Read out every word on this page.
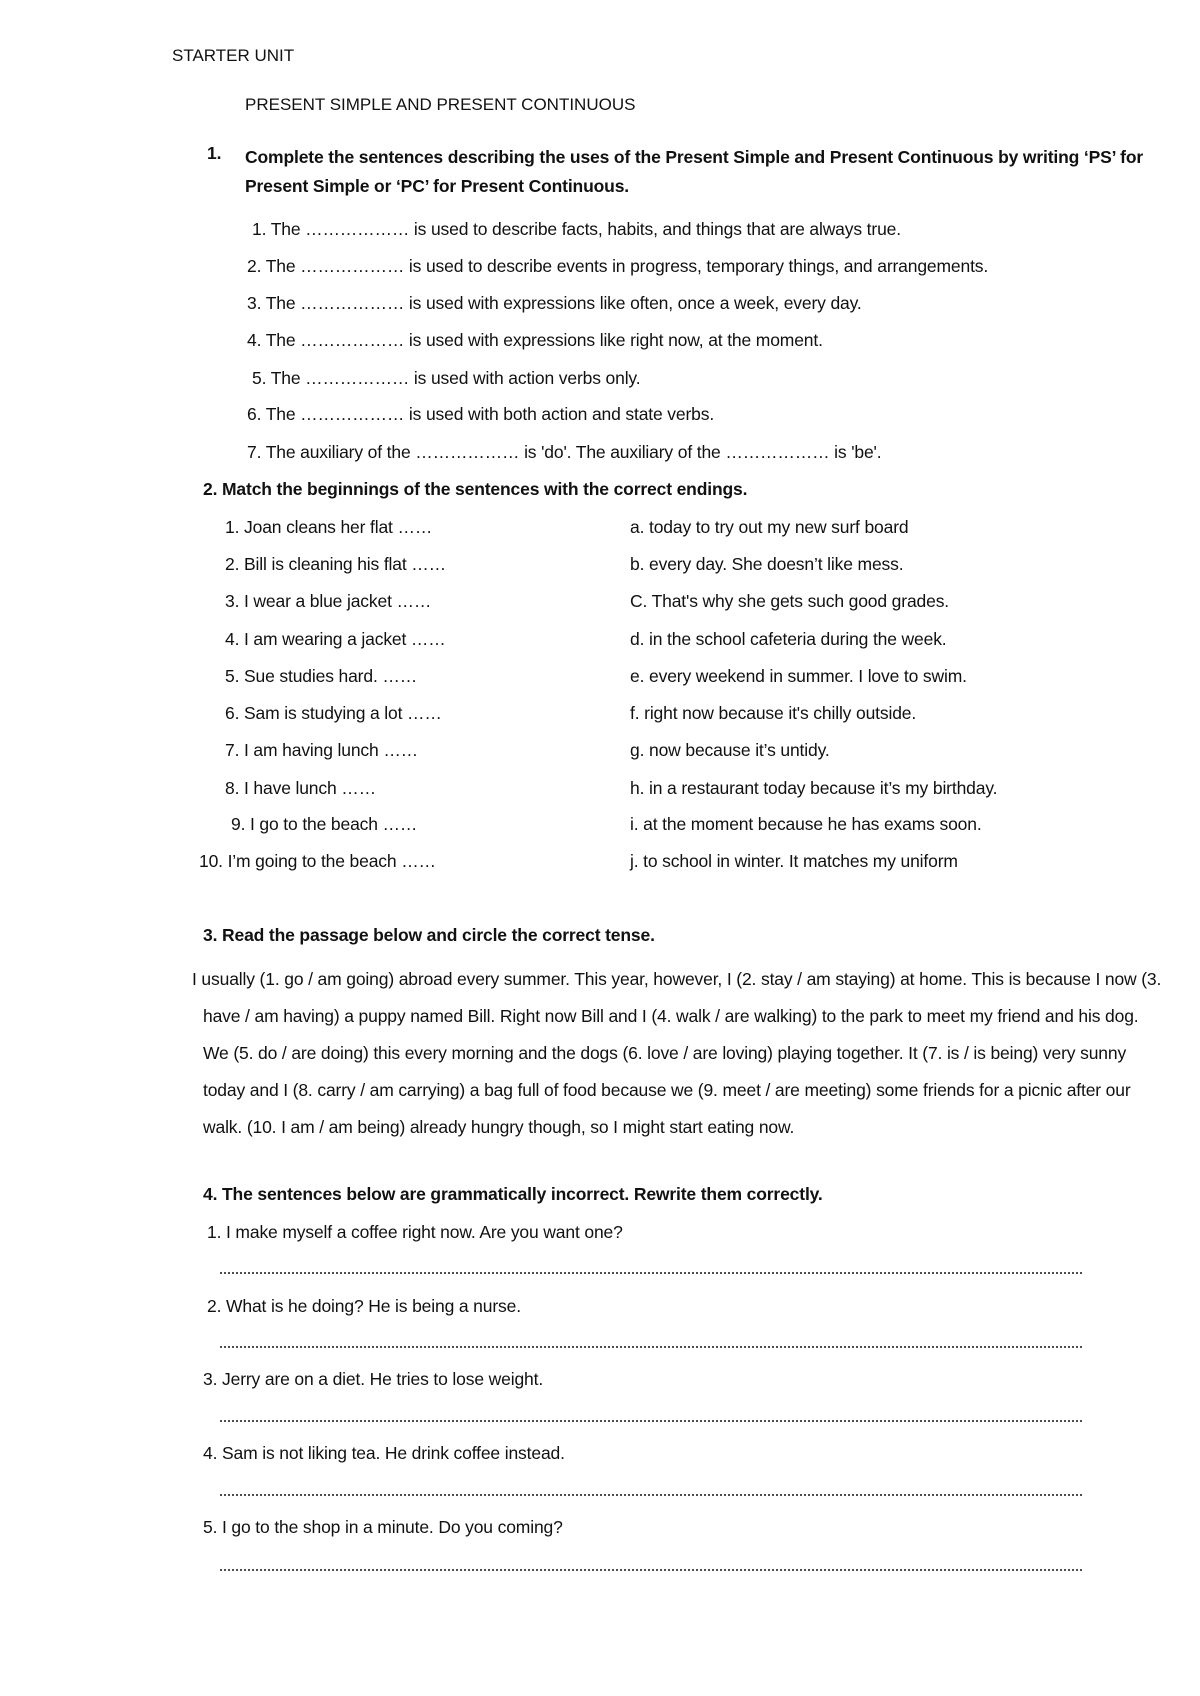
STARTER UNIT
PRESENT SIMPLE AND PRESENT CONTINUOUS
1. Complete the sentences describing the uses of the Present Simple and Present Continuous by writing ‘PS’ for Present Simple or ‘PC’ for Present Continuous.
1. The ……………… is used to describe facts, habits, and things that are always true.
2. The ……………… is used to describe events in progress, temporary things, and arrangements.
3. The ……………… is used with expressions like often, once a week, every day.
4. The ……………… is used with expressions like right now, at the moment.
5. The ……………… is used with action verbs only.
6. The ……………… is used with both action and state verbs.
7. The auxiliary of the ……………… is 'do'. The auxiliary of the ……………… is 'be'.
2. Match the beginnings of the sentences with the correct endings.
1. Joan cleans her flat ……
2. Bill is cleaning his flat ……
3. I wear a blue jacket ……
4. I am wearing a jacket ……
5. Sue studies hard. ……
6. Sam is studying a lot ……
7. I am having lunch ……
8. I have lunch ……
9. I go to the beach ……
10. I’m going to the beach ……
a. today to try out my new surf board
b. every day. She doesn’t like mess.
C. That's why she gets such good grades.
d. in the school cafeteria during the week.
e. every weekend in summer. I love to swim.
f. right now because it's chilly outside.
g. now because it’s untidy.
h. in a restaurant today because it’s my birthday.
i. at the moment because he has exams soon.
j. to school in winter. It matches my uniform
3. Read the passage below and circle the correct tense.
I usually (1. go / am going) abroad every summer. This year, however, I (2. stay / am staying) at home. This is because I now (3. have / am having) a puppy named Bill. Right now Bill and I (4. walk / are walking) to the park to meet my friend and his dog. We (5. do / are doing) this every morning and the dogs (6. love / are loving) playing together. It (7. is / is being) very sunny today and I (8. carry / am carrying) a bag full of food because we (9. meet / are meeting) some friends for a picnic after our walk. (10. I am / am being) already hungry though, so I might start eating now.
4. The sentences below are grammatically incorrect. Rewrite them correctly.
1. I make myself a coffee right now. Are you want one?
2. What is he doing? He is being a nurse.
3. Jerry are on a diet. He tries to lose weight.
4. Sam is not liking tea. He drink coffee instead.
5. I go to the shop in a minute. Do you coming?
